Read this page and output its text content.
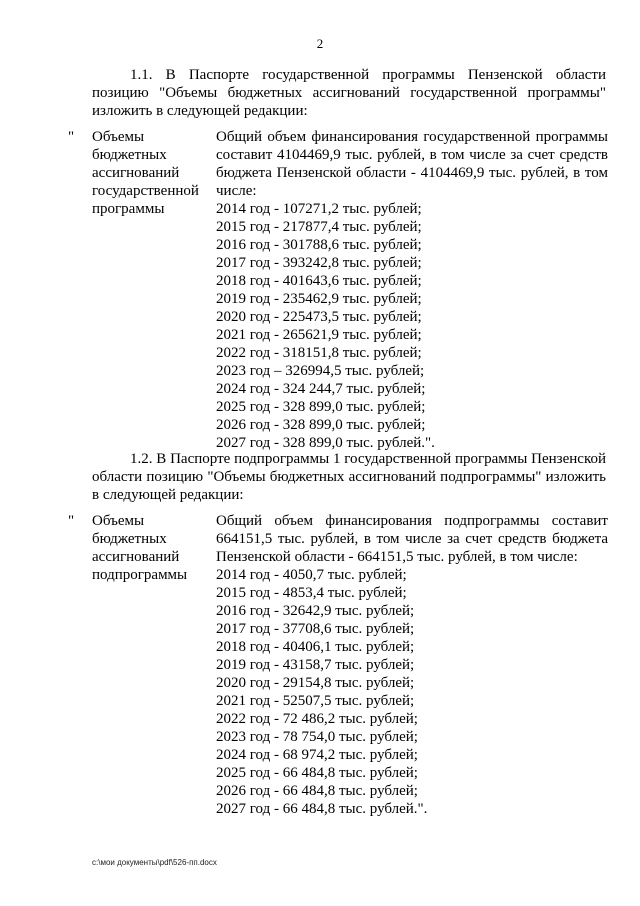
2
1.1. В Паспорте государственной программы Пензенской области позицию "Объемы бюджетных ассигнований государственной программы" изложить в следующей редакции:
" Объемы
бюджетных
ассигнований
государственной
программы
Общий объем финансирования государственной программы составит 4104469,9 тыс. рублей, в том числе за счет средств бюджета Пензенской области - 4104469,9 тыс. рублей, в том числе:
2014 год - 107271,2 тыс. рублей;
2015 год - 217877,4 тыс. рублей;
2016 год - 301788,6 тыс. рублей;
2017 год - 393242,8 тыс. рублей;
2018 год - 401643,6 тыс. рублей;
2019 год - 235462,9 тыс. рублей;
2020 год - 225473,5 тыс. рублей;
2021 год - 265621,9 тыс. рублей;
2022 год - 318151,8 тыс. рублей;
2023 год – 326994,5 тыс. рублей;
2024 год - 324 244,7 тыс. рублей;
2025 год - 328 899,0 тыс. рублей;
2026 год - 328 899,0 тыс. рублей;
2027 год - 328 899,0 тыс. рублей.".
1.2. В Паспорте подпрограммы 1 государственной программы Пензенской области позицию "Объемы бюджетных ассигнований подпрограммы" изложить в следующей редакции:
" Объемы
бюджетных
ассигнований
подпрограммы
Общий объем финансирования подпрограммы составит 664151,5 тыс. рублей, в том числе за счет средств бюджета Пензенской области - 664151,5 тыс. рублей, в том числе:
2014 год - 4050,7 тыс. рублей;
2015 год - 4853,4 тыс. рублей;
2016 год - 32642,9 тыс. рублей;
2017 год - 37708,6 тыс. рублей;
2018 год - 40406,1 тыс. рублей;
2019 год - 43158,7 тыс. рублей;
2020 год - 29154,8 тыс. рублей;
2021 год - 52507,5 тыс. рублей;
2022 год - 72 486,2 тыс. рублей;
2023 год - 78 754,0 тыс. рублей;
2024 год - 68 974,2 тыс. рублей;
2025 год - 66 484,8 тыс. рублей;
2026 год - 66 484,8 тыс. рублей;
2027 год - 66 484,8 тыс. рублей.".
c:\мои документы\pdf\526-пп.docx
